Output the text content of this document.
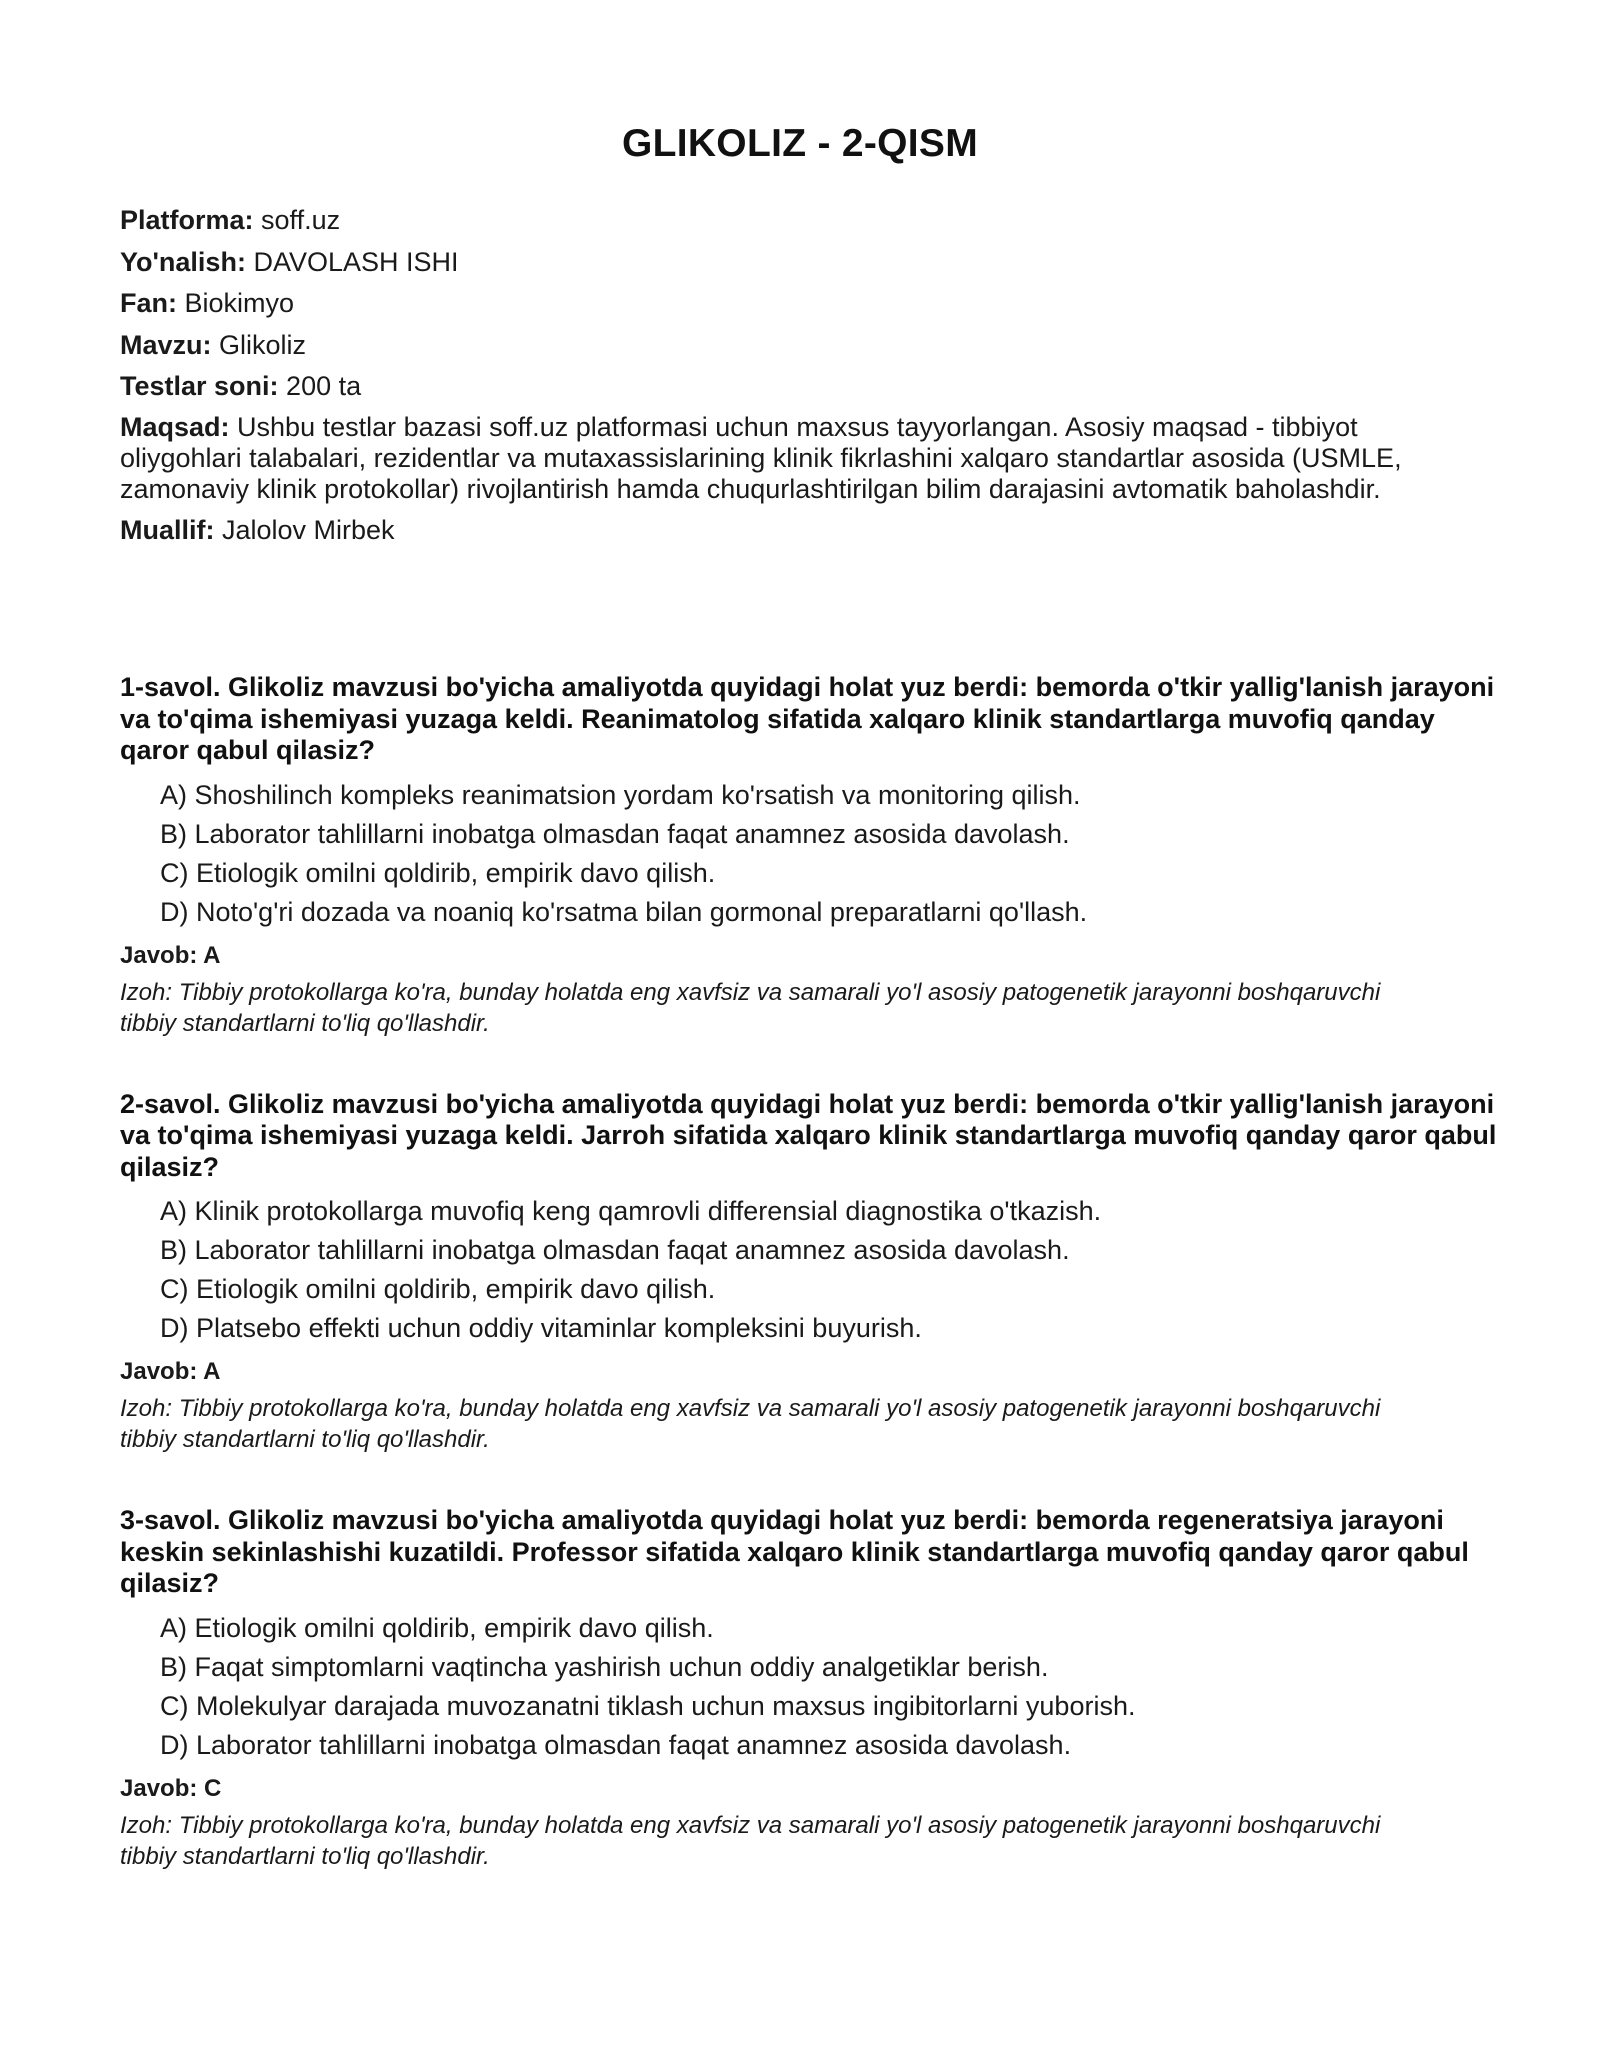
GLIKOLIZ - 2-QISM

Platforma: soff.uz

Yo'nalish: DAVOLASH ISHI

Fan: Biokimyo

Mavzu: Glikoliz

Testlar soni: 200 ta

Maqsad: Ushbu testlar bazasi soff.uz platformasi uchun maxsus tayyorlangan. Asosiy maqsad - tibbiyot oliygohlari talabalari, rezidentlar va mutaxassislarining klinik fikrlashini xalqaro standartlar asosida (USMLE, zamonaviy klinik protokollar) rivojlantirish hamda chuqurlashtirilgan bilim darajasini avtomatik baholashdir.

Muallif: Jalolov Mirbek

1-savol. Glikoliz mavzusi bo'yicha amaliyotda quyidagi holat yuz berdi: bemorda o'tkir yallig'lanish jarayoni va to'qima ishemiyasi yuzaga keldi. Reanimatolog sifatida xalqaro klinik standartlarga muvofiq qanday qaror qabul qilasiz?

A) Shoshilinch kompleks reanimatsion yordam ko'rsatish va monitoring qilish.
B) Laborator tahlillarni inobatga olmasdan faqat anamnez asosida davolash.
C) Etiologik omilni qoldirib, empirik davo qilish.
D) Noto'g'ri dozada va noaniq ko'rsatma bilan gormonal preparatlarni qo'llash.

Javob: A

Izoh: Tibbiy protokollarga ko'ra, bunday holatda eng xavfsiz va samarali yo'l asosiy patogenetik jarayonni boshqaruvchi tibbiy standartlarni to'liq qo'llashdir.

2-savol. Glikoliz mavzusi bo'yicha amaliyotda quyidagi holat yuz berdi: bemorda o'tkir yallig'lanish jarayoni va to'qima ishemiyasi yuzaga keldi. Jarroh sifatida xalqaro klinik standartlarga muvofiq qanday qaror qabul qilasiz?

A) Klinik protokollarga muvofiq keng qamrovli differensial diagnostika o'tkazish.
B) Laborator tahlillarni inobatga olmasdan faqat anamnez asosida davolash.
C) Etiologik omilni qoldirib, empirik davo qilish.
D) Platsebo effekti uchun oddiy vitaminlar kompleksini buyurish.

Javob: A

Izoh: Tibbiy protokollarga ko'ra, bunday holatda eng xavfsiz va samarali yo'l asosiy patogenetik jarayonni boshqaruvchi tibbiy standartlarni to'liq qo'llashdir.

3-savol. Glikoliz mavzusi bo'yicha amaliyotda quyidagi holat yuz berdi: bemorda regeneratsiya jarayoni keskin sekinlashishi kuzatildi. Professor sifatida xalqaro klinik standartlarga muvofiq qanday qaror qabul qilasiz?

A) Etiologik omilni qoldirib, empirik davo qilish.
B) Faqat simptomlarni vaqtincha yashirish uchun oddiy analgetiklar berish.
C) Molekulyar darajada muvozanatni tiklash uchun maxsus ingibitorlarni yuborish.
D) Laborator tahlillarni inobatga olmasdan faqat anamnez asosida davolash.

Javob: C

Izoh: Tibbiy protokollarga ko'ra, bunday holatda eng xavfsiz va samarali yo'l asosiy patogenetik jarayonni boshqaruvchi tibbiy standartlarni to'liq qo'llashdir.
